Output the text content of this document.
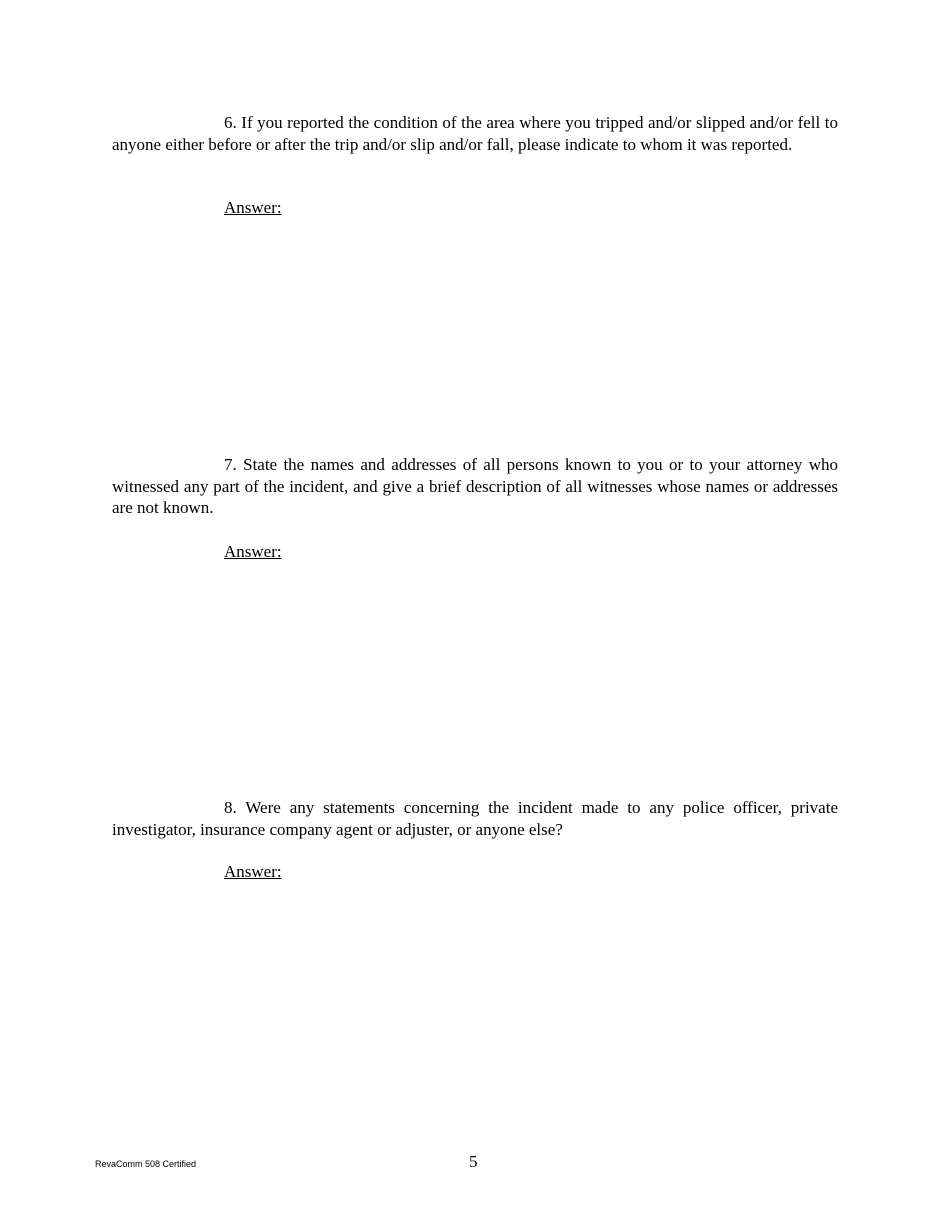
6. If you reported the condition of the area where you tripped and/or slipped and/or fell to anyone either before or after the trip and/or slip and/or fall, please indicate to whom it was reported.

Answer:

7. State the names and addresses of all persons known to you or to your attorney who witnessed any part of the incident, and give a brief description of all witnesses whose names or addresses are not known.

Answer:

8. Were any statements concerning the incident made to any police officer, private investigator, insurance company agent or adjuster, or anyone else?

Answer:

RevaComm 508 Certified	5
